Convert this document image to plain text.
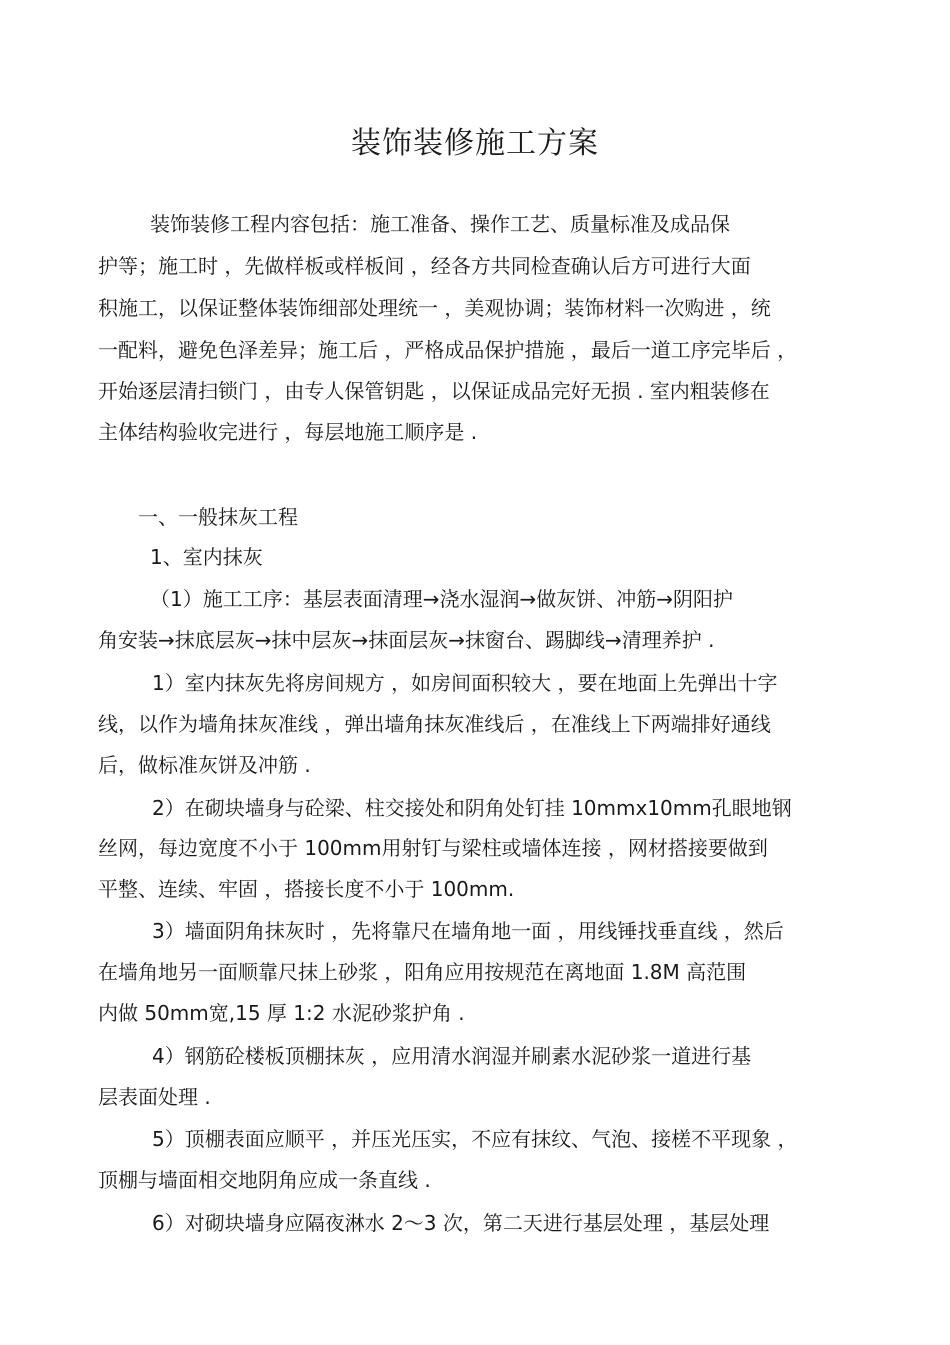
装饰装修施工方案
装饰装修工程内容包括：施工准备、操作工艺、质量标准及成品保
护等；施工时 ，先做样板或样板间 ，经各方共同检查确认后方可进行大面
积施工，以保证整体装饰细部处理统一 ，美观协调；装饰材料一次购进 ，统
一配料，避免色泽差异；施工后 ，严格成品保护措施 ，最后一道工序完毕后 ，
开始逐层清扫锁门 ，由专人保管钥匙 ，以保证成品完好无损 . 室内粗装修在
主体结构验收完进行 ，每层地施工顺序是 .
一、一般抹灰工程
1、室内抹灰
（1）施工工序：基层表面清理→浇水湿润→做灰饼、冲筋→阴阳护
角安装→抹底层灰→抹中层灰→抹面层灰→抹窗台、踢脚线→清理养护 .
1）室内抹灰先将房间规方 ，如房间面积较大 ，要在地面上先弹出十字
线，以作为墙角抹灰准线 ，弹出墙角抹灰准线后 ，在准线上下两端排好通线
后，做标准灰饼及冲筋 .
2）在砌块墙身与砼梁、柱交接处和阴角处钉挂 10mmx10mm孔眼地钢
丝网，每边宽度不小于 100mm用射钉与梁柱或墙体连接 ，网材搭接要做到
平整、连续、牢固 ，搭接长度不小于 100mm.
3）墙面阴角抹灰时 ，先将靠尺在墙角地一面 ，用线锤找垂直线 ，然后
在墙角地另一面顺靠尺抹上砂浆 ，阳角应用按规范在离地面 1.8M 高范围
内做 50mm宽,15 厚 1:2 水泥砂浆护角 .
4）钢筋砼楼板顶棚抹灰 ，应用清水润湿并刷素水泥砂浆一道进行基
层表面处理 .
5）顶棚表面应顺平 ，并压光压实，不应有抹纹、气泡、接槎不平现象 ，
顶棚与墙面相交地阴角应成一条直线 .
6）对砌块墙身应隔夜淋水 2～3 次，第二天进行基层处理 ，基层处理
